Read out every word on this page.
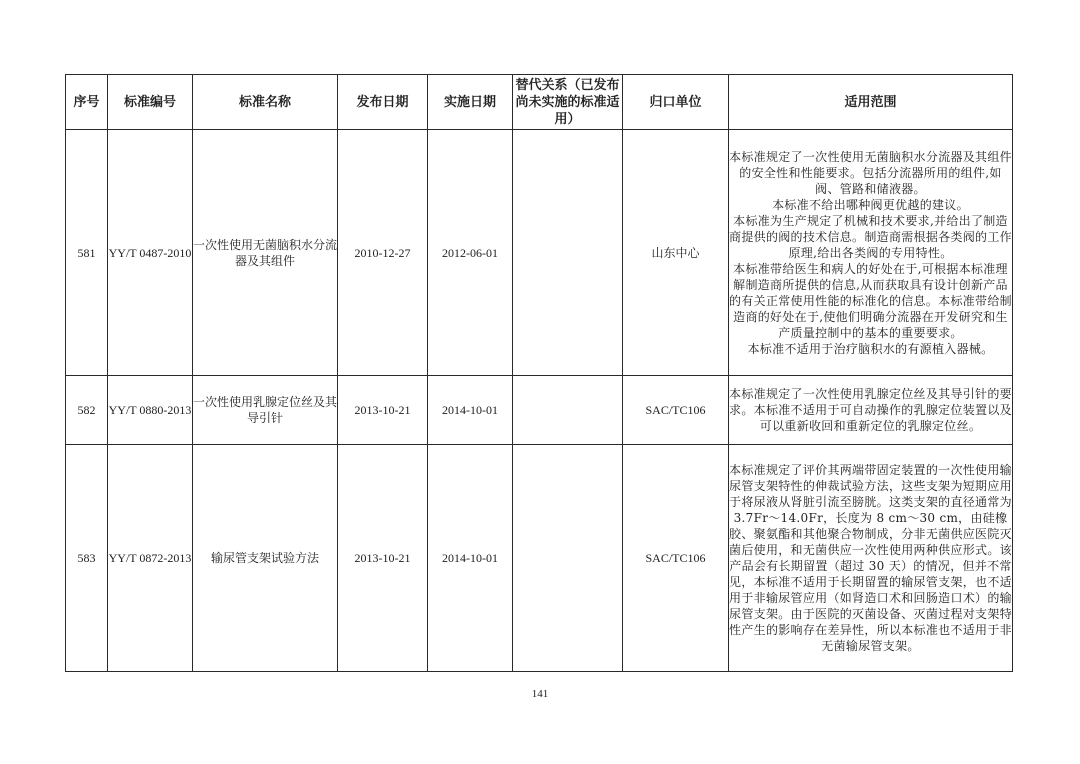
序号	标准编号	标准名称	发布日期	实施日期	替代关系（已发布尚未实施的标准适用）	归口单位	适用范围
581	YY/T 0487-2010	一次性使用无菌脑积水分流器及其组件	2010-12-27	2012-06-01		山东中心	本标准规定了一次性使用无菌脑积水分流器及其组件的安全性和性能要求。包括分流器所用的组件,如阀、管路和储液器。
本标准不给出哪种阀更优越的建议。
本标准为生产规定了机械和技术要求,并给出了制造商提供的阀的技术信息。制造商需根据各类阀的工作原理,给出各类阀的专用特性。
本标准带给医生和病人的好处在于,可根据本标准理解制造商所提供的信息,从而获取具有设计创新产品的有关正常使用性能的标准化的信息。本标准带给制造商的好处在于,使他们明确分流器在开发研究和生产质量控制中的基本的重要要求。
本标准不适用于治疗脑积水的有源植入器械。

582	YY/T 0880-2013	一次性使用乳腺定位丝及其导引针	2013-10-21	2014-10-01		SAC/TC106	本标准规定了一次性使用乳腺定位丝及其导引针的要求。本标准不适用于可自动操作的乳腺定位装置以及可以重新收回和重新定位的乳腺定位丝。

583	YY/T 0872-2013	输尿管支架试验方法	2013-10-21	2014-10-01		SAC/TC106	本标准规定了评价其两端带固定装置的一次性使用输尿管支架特性的伸裁试验方法，这些支架为短期应用于将尿液从肾脏引流至膀胱。这类支架的直径通常为 3.7Fr～14.0Fr，长度为 8 cm～30 cm，由硅橡胶、聚氨酯和其他聚合物制成，分非无菌供应医院灭菌后使用，和无菌供应一次性使用两种供应形式。该产品会有长期留置（超过 30 天）的情况，但并不常见，本标准不适用于长期留置的输尿管支架，也不适用于非输尿管应用（如肾造口术和回肠造口术）的输尿管支架。由于医院的灭菌设备、灭菌过程对支架特性产生的影响存在差异性，所以本标准也不适用于非无菌输尿管支架。
141
